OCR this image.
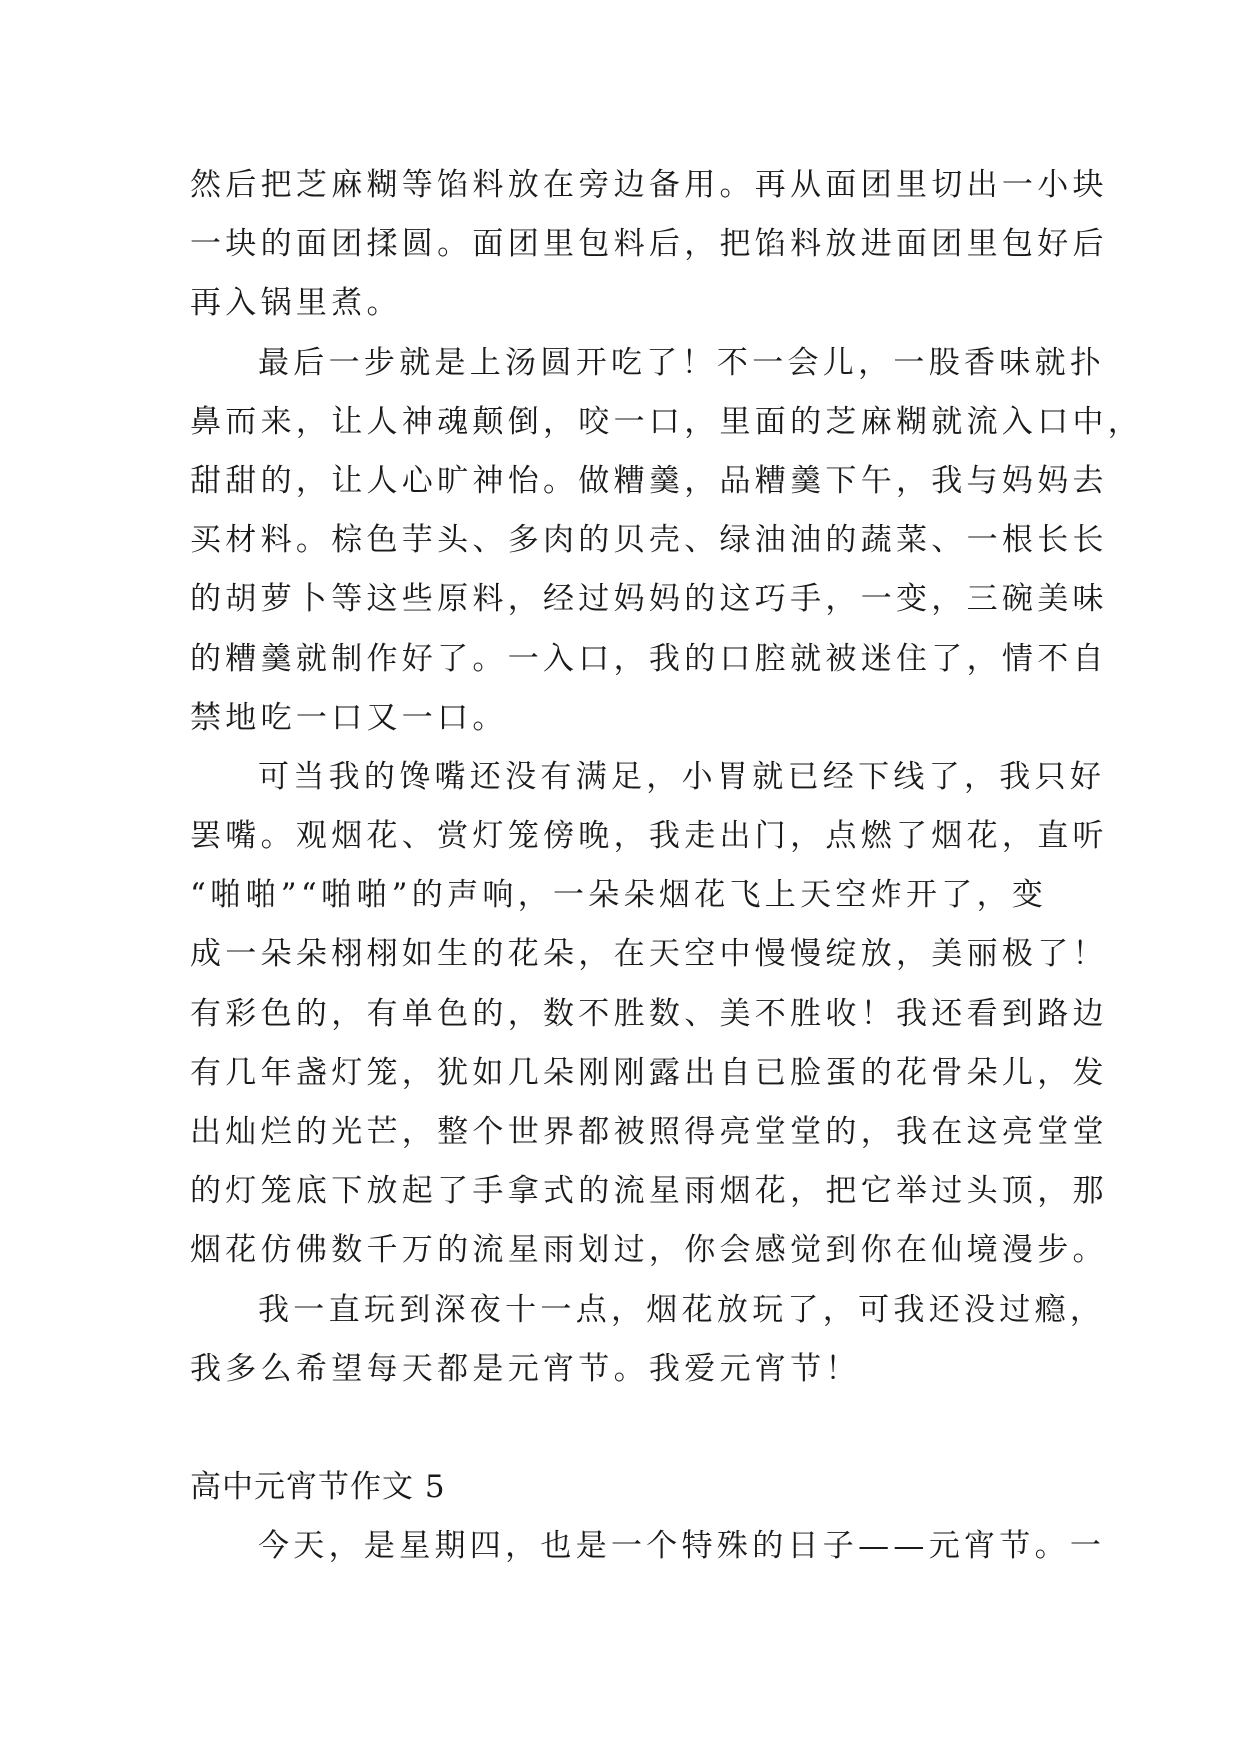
然后把芝麻糊等馅料放在旁边备用。再从面团里切出一小块
一块的面团揉圆。面团里包料后，把馅料放进面团里包好后
再入锅里煮。
最后一步就是上汤圆开吃了！不一会儿，一股香味就扑
鼻而来，让人神魂颠倒，咬一口，里面的芝麻糊就流入口中，
甜甜的，让人心旷神怡。做糟羹，品糟羹下午，我与妈妈去
买材料。棕色芋头、多肉的贝壳、绿油油的蔬菜、一根长长
的胡萝卜等这些原料，经过妈妈的这巧手，一变，三碗美味
的糟羹就制作好了。一入口，我的口腔就被迷住了，情不自
禁地吃一口又一口。
可当我的馋嘴还没有满足，小胃就已经下线了，我只好
罢嘴。观烟花、赏灯笼傍晚，我走出门，点燃了烟花，直听
“啪啪”“啪啪”的声响，一朵朵烟花飞上天空炸开了，变
成一朵朵栩栩如生的花朵，在天空中慢慢绽放，美丽极了！
有彩色的，有单色的，数不胜数、美不胜收！我还看到路边
有几年盏灯笼，犹如几朵刚刚露出自已脸蛋的花骨朵儿，发
出灿烂的光芒，整个世界都被照得亮堂堂的，我在这亮堂堂
的灯笼底下放起了手拿式的流星雨烟花，把它举过头顶，那
烟花仿佛数千万的流星雨划过，你会感觉到你在仙境漫步。
我一直玩到深夜十一点，烟花放玩了，可我还没过瘾，
我多么希望每天都是元宵节。我爱元宵节！
高中元宵节作文 5
今天，是星期四，也是一个特殊的日子——元宵节。一
